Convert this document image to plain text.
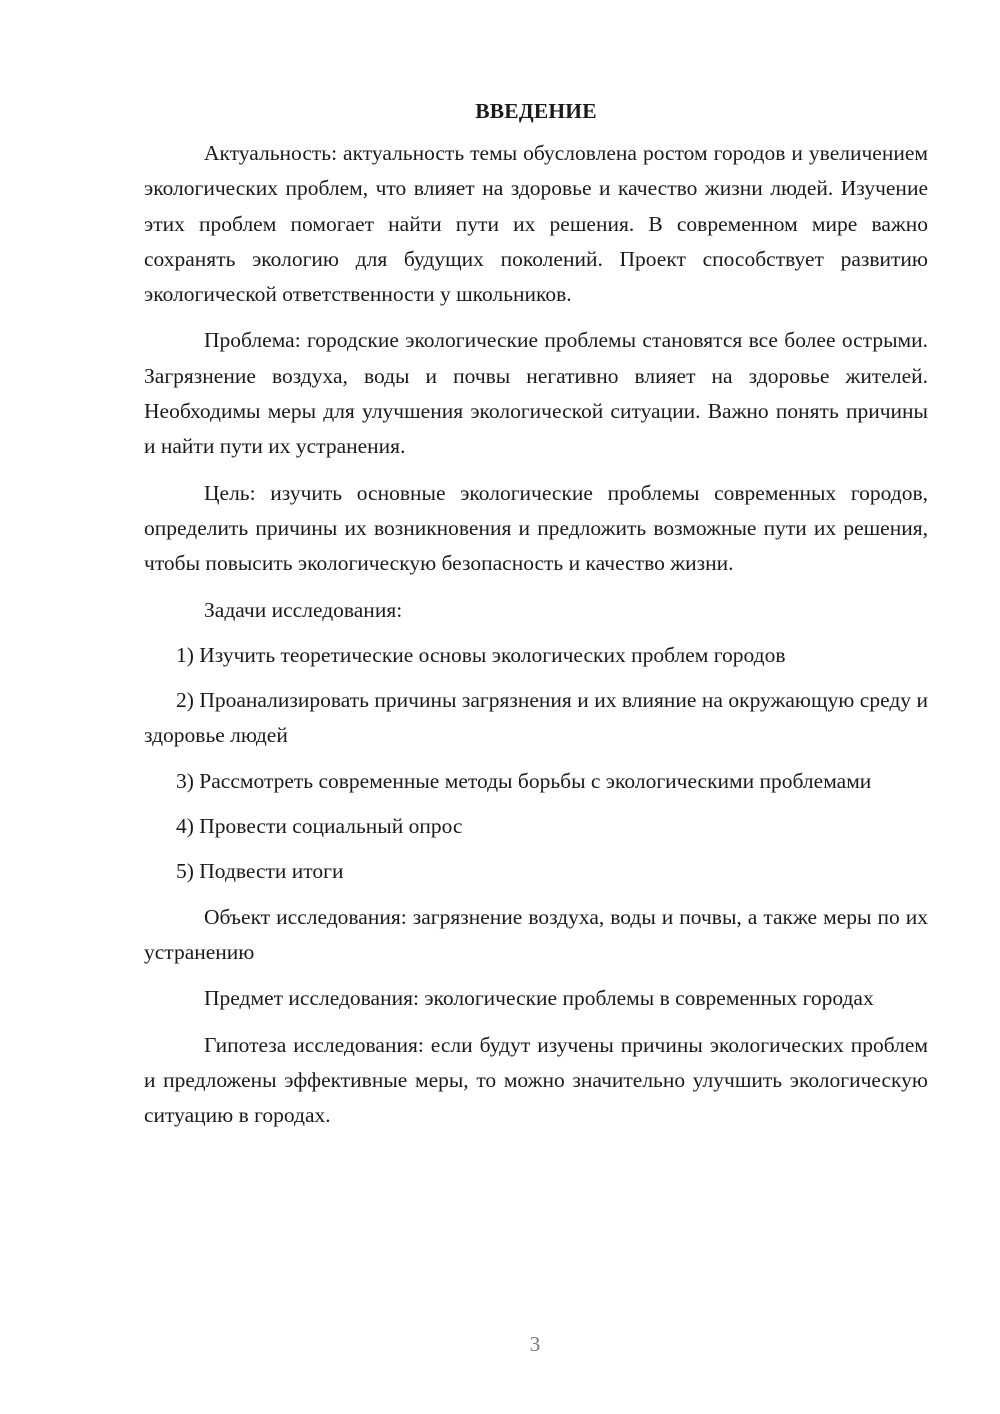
ВВЕДЕНИЕ

Актуальность: актуальность темы обусловлена ростом городов и увеличением экологических проблем, что влияет на здоровье и качество жизни людей. Изучение этих проблем помогает найти пути их решения. В современном мире важно сохранять экологию для будущих поколений. Проект способствует развитию экологической ответственности у школьников.

Проблема: городские экологические проблемы становятся все более острыми. Загрязнение воздуха, воды и почвы негативно влияет на здоровье жителей. Необходимы меры для улучшения экологической ситуации. Важно понять причины и найти пути их устранения.

Цель: изучить основные экологические проблемы современных городов, определить причины их возникновения и предложить возможные пути их решения, чтобы повысить экологическую безопасность и качество жизни.

Задачи исследования:

1) Изучить теоретические основы экологических проблем городов

2) Проанализировать причины загрязнения и их влияние на окружающую среду и здоровье людей

3) Рассмотреть современные методы борьбы с экологическими проблемами

4) Провести социальный опрос

5) Подвести итоги

Объект исследования: загрязнение воздуха, воды и почвы, а также меры по их устранению

Предмет исследования: экологические проблемы в современных городах

Гипотеза исследования: если будут изучены причины экологических проблем и предложены эффективные меры, то можно значительно улучшить экологическую ситуацию в городах.

3
